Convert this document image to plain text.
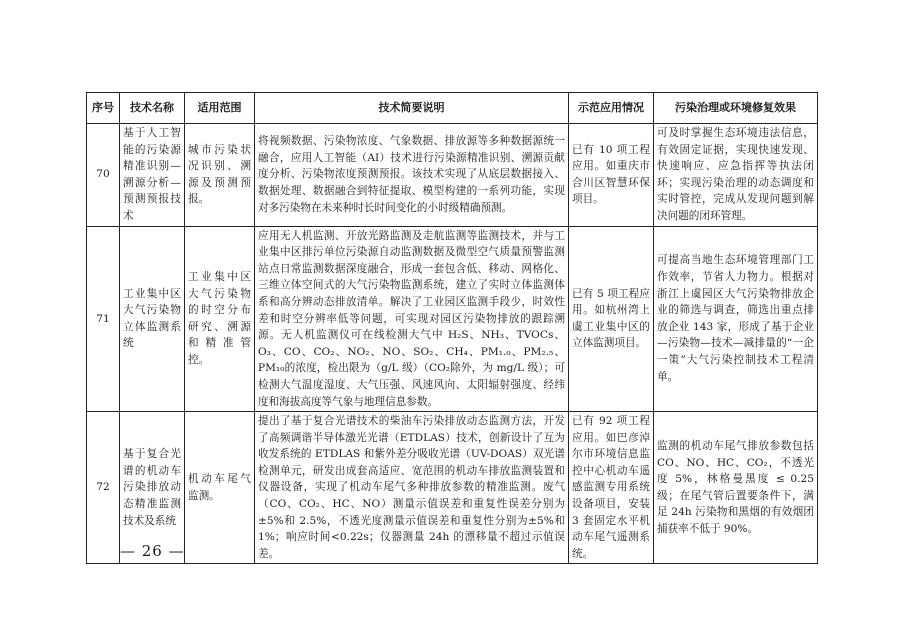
序号	技术名称	适用范围	技术简要说明	示范应用情况	污染治理或环境修复效果
70	基于人工智能的污染源精准识别—溯源分析—预测预报技术	城市污染状况识别、溯源及预测预报。	将视频数据、污染物浓度、气象数据、排放源等多种数据源统一融合，应用人工智能（AI）技术进行污染源精准识别、溯源贡献度分析、污染物浓度预测预报。该技术实现了从底层数据接入、数据处理、数据融合到特征提取、模型构建的一系列功能，实现对多污染物在未来种时长时间变化的小时级精确预测。	已有 10 项工程应用。如重庆市合川区智慧环保项目。	可及时掌握生态环境违法信息，有效固定证据，实现快速发现、快速响应、应急指挥等执法闭环；实现污染治理的动态调度和实时管控，完成从发现问题到解决问题的闭环管理。
71	工业集中区大气污染物立体监测系统	工业集中区大气污染物的时空分布研究、溯源和精准管控。	应用无人机监测、开放光路监测及走航监测等监测技术，并与工业集中区排污单位污染源自动监测数据及微型空气质量预警监测站点日常监测数据深度融合，形成一套包含低、移动、网格化、三维立体空间式的大气污染物监测系统，建立了实时立体监测体系和高分辨动态排放清单。解决了工业园区监测手段少，时效性差和时空分辨率低等问题，可实现对园区污染物排放的跟踪溯源。无人机监测仪可在线检测大气中 H₂S、NH₃、TVOCs、O₃、CO、CO₂、NO₂、NO、SO₂、CH₄、PM₁.₀、PM₂.₅、PM₁₀的浓度，检出限为（g/L 级）（CO₂除外，为 mg/L 级）；可检测大气温度湿度、大气压强、风速风向、太阳辐射强度、经纬度和海拔高度等气象与地理信息参数。	已有 5 项工程应用。如杭州湾上虞工业集中区的立体监测项目。	可提高当地生态环境管理部门工作效率，节省人力物力。根据对浙江上虞园区大气污染物排放企业的筛选与调查，筛选出重点排放企业 143 家，形成了基于企业—污染物—技术—减排量的“一企一策”大气污染控制技术工程清单。
72	基于复合光谱的机动车污染排放动态精准监测技术及系统	机动车尾气监测。	提出了基于复合光谱技术的柴油车污染排放动态监测方法，开发了高频调谐半导体激光光谱（ETDLAS）技术，创新设计了互为收发系统的 ETDLAS 和紫外差分吸收光谱（UV-DOAS）双光谱检测单元，研发出成套高适应、宽范围的机动车排放监测装置和仪器设备，实现了机动车尾气多种排放参数的精准监测。废气（CO、CO₂、HC、NO）测量示值误差和重复性误差分别为±5%和 2.5%，不透光度测量示值误差和重复性分别为±5%和 1%；响应时间<0.22s；仪器测量 24h 的漂移量不超过示值误差。	已有 92 项工程应用。如巴彦淖尔市环境信息监控中心机动车遥感监测专用系统设备项目，安装 3 套固定水平机动车尾气遥测系统。	监测的机动车尾气排放参数包括 CO、NO、HC、CO₂，不透光度 5%，林格曼黑度 ≤ 0.25 级；在尾气管后置要条件下，满足 24h 污染物和黑烟的有效烟团捕获率不低于 90%。
— 26 —
